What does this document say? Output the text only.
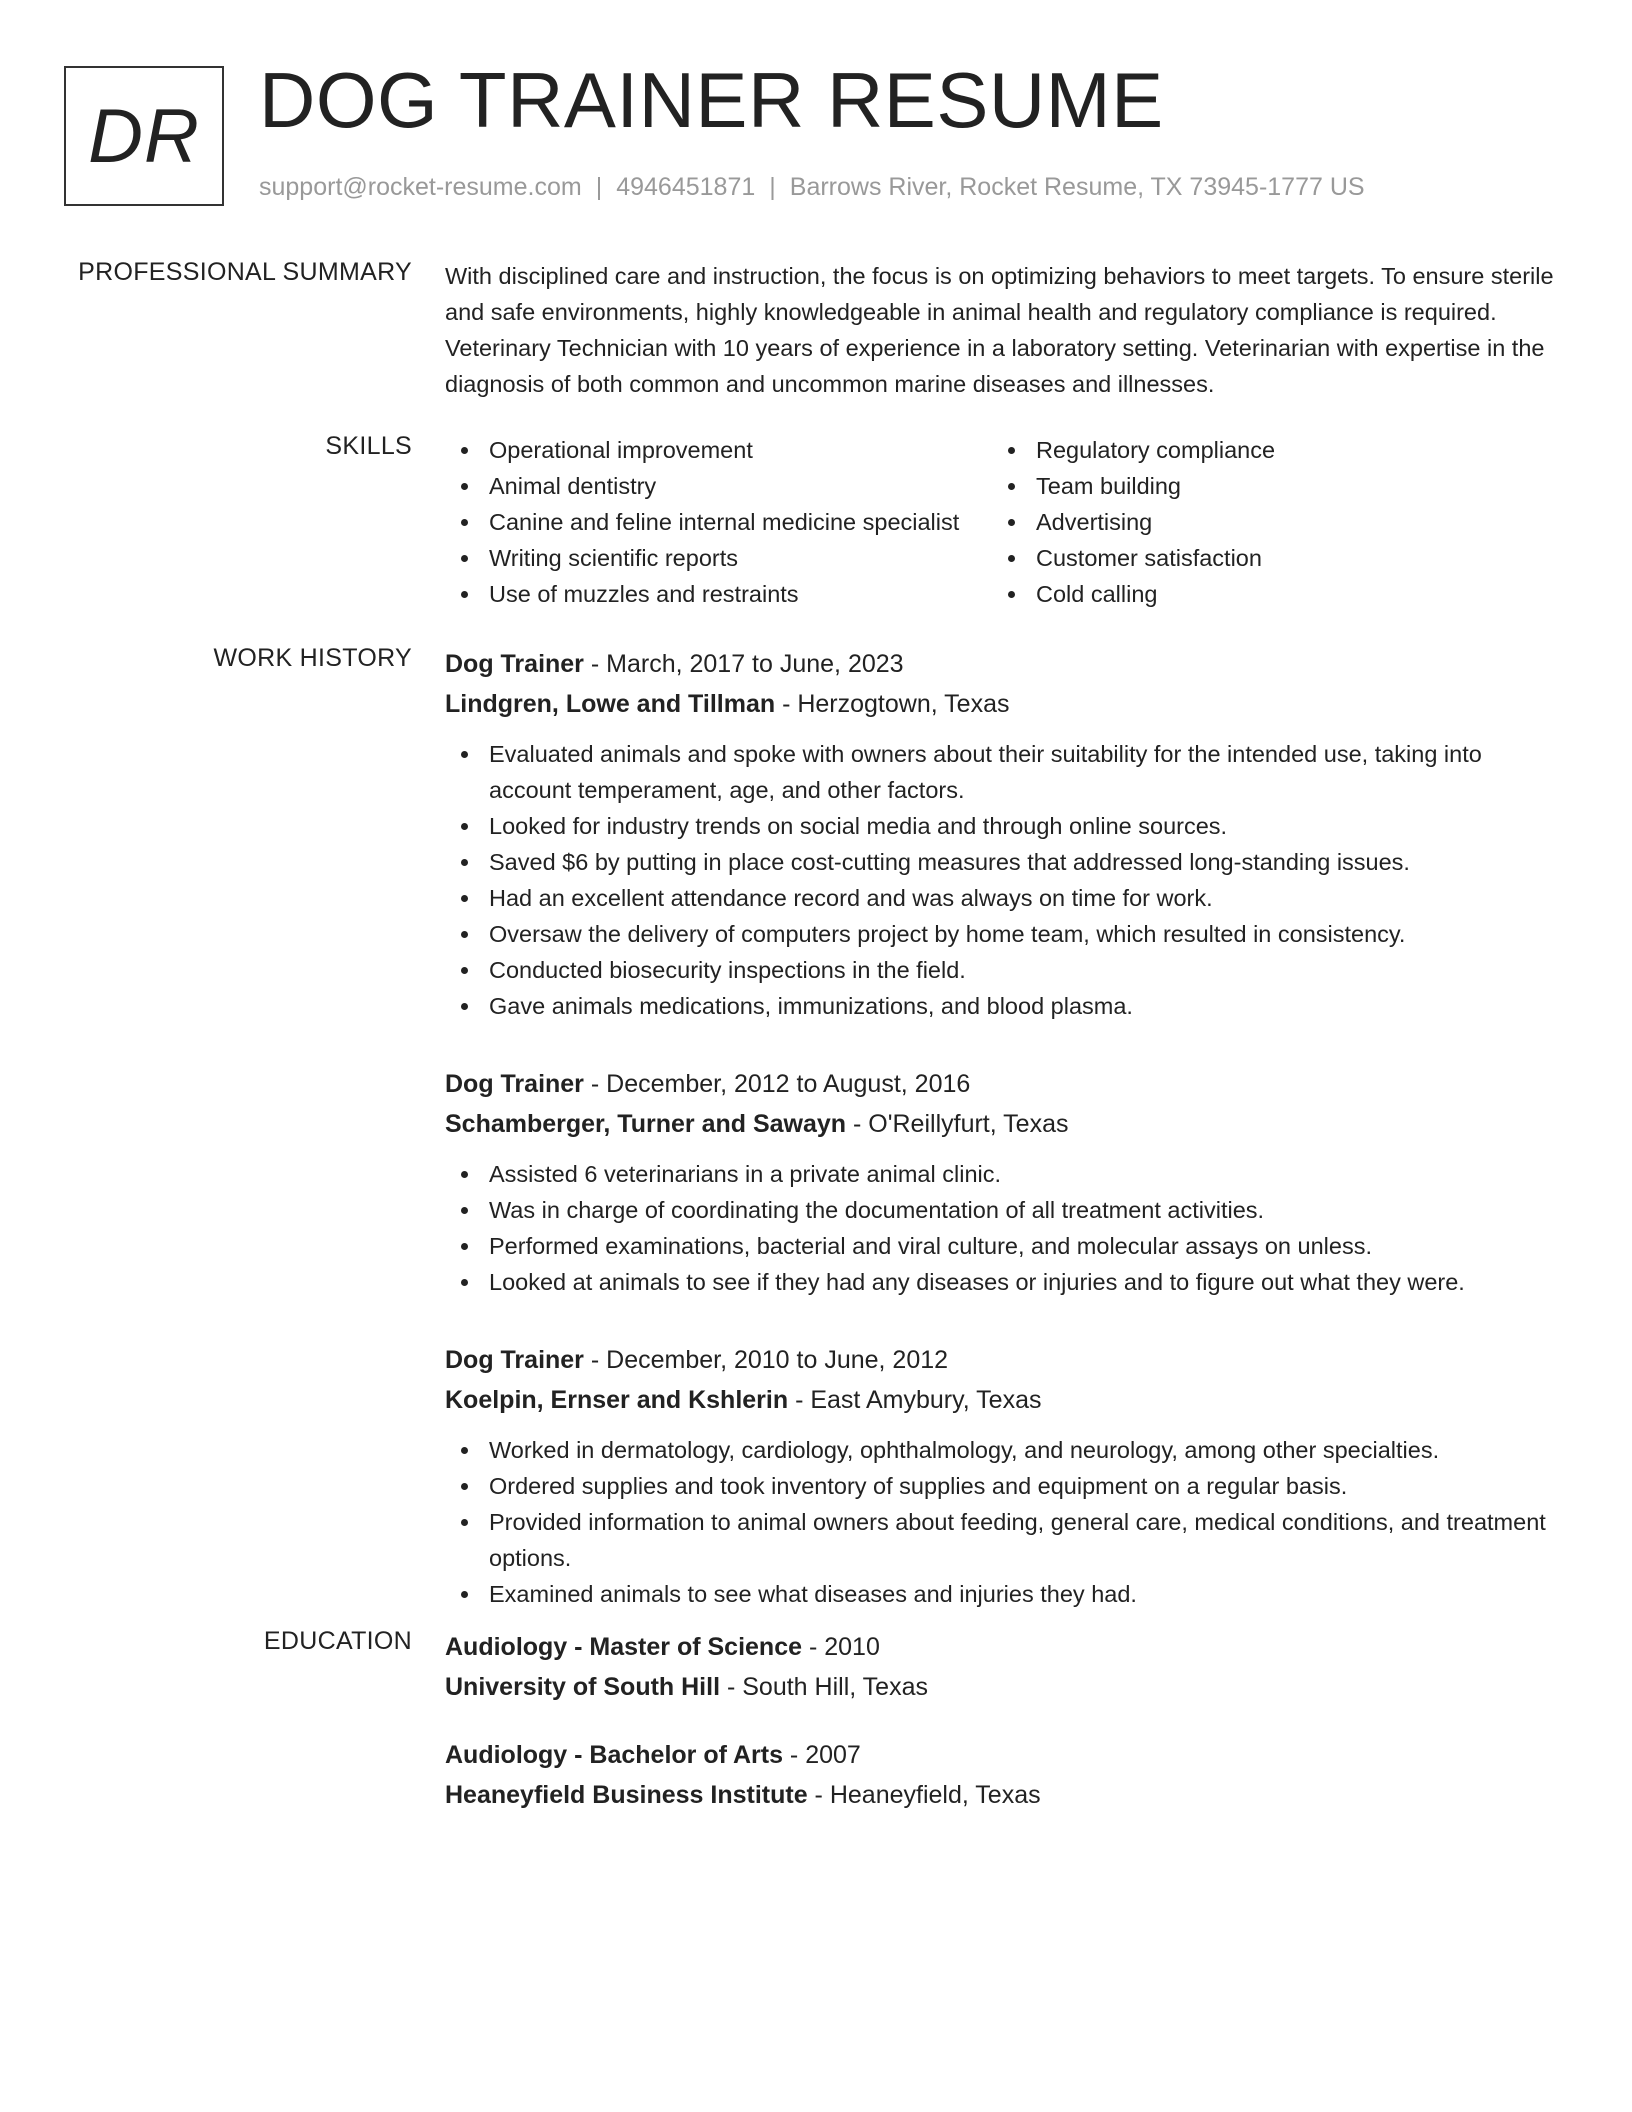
DR DOG TRAINER RESUME
support@rocket-resume.com | 4946451871 | Barrows River, Rocket Resume, TX 73945-1777 US
PROFESSIONAL SUMMARY With disciplined care and instruction, the focus is on optimizing behaviors to meet targets. To ensure sterile and safe environments, highly knowledgeable in animal health and regulatory compliance is required. Veterinary Technician with 10 years of experience in a laboratory setting. Veterinarian with expertise in the diagnosis of both common and uncommon marine diseases and illnesses.

SKILLS	Operational improvement
Animal dentistry
Canine and feline internal medicine specialist
Writing scientific reports
Use of muzzles and restraints
Regulatory compliance
Team building
Advertising
Customer satisfaction
Cold calling
WORK HISTORY Dog Trainer - March, 2017 to June, 2023
Lindgren, Lowe and Tillman - Herzogtown, Texas
Evaluated animals and spoke with owners about their suitability for the intended use, taking into account temperament, age, and other factors.
Looked for industry trends on social media and through online sources.
Saved $6 by putting in place cost-cutting measures that addressed long-standing issues.
Had an excellent attendance record and was always on time for work.
Oversaw the delivery of computers project by home team, which resulted in consistency.
Conducted biosecurity inspections in the field.
Gave animals medications, immunizations, and blood plasma.
Dog Trainer - December, 2012 to August, 2016
Schamberger, Turner and Sawayn - O'Reillyfurt, Texas
Assisted 6 veterinarians in a private animal clinic.
Was in charge of coordinating the documentation of all treatment activities.
Performed examinations, bacterial and viral culture, and molecular assays on unless.
Looked at animals to see if they had any diseases or injuries and to figure out what they were.
Dog Trainer - December, 2010 to June, 2012
Koelpin, Ernser and Kshlerin - East Amybury, Texas
Worked in dermatology, cardiology, ophthalmology, and neurology, among other specialties.
Ordered supplies and took inventory of supplies and equipment on a regular basis.
Provided information to animal owners about feeding, general care, medical conditions, and treatment options.
Examined animals to see what diseases and injuries they had.
EDUCATION Audiology - Master of Science - 2010
University of South Hill - South Hill, Texas
Audiology - Bachelor of Arts - 2007
Heaneyfield Business Institute - Heaneyfield, Texas
